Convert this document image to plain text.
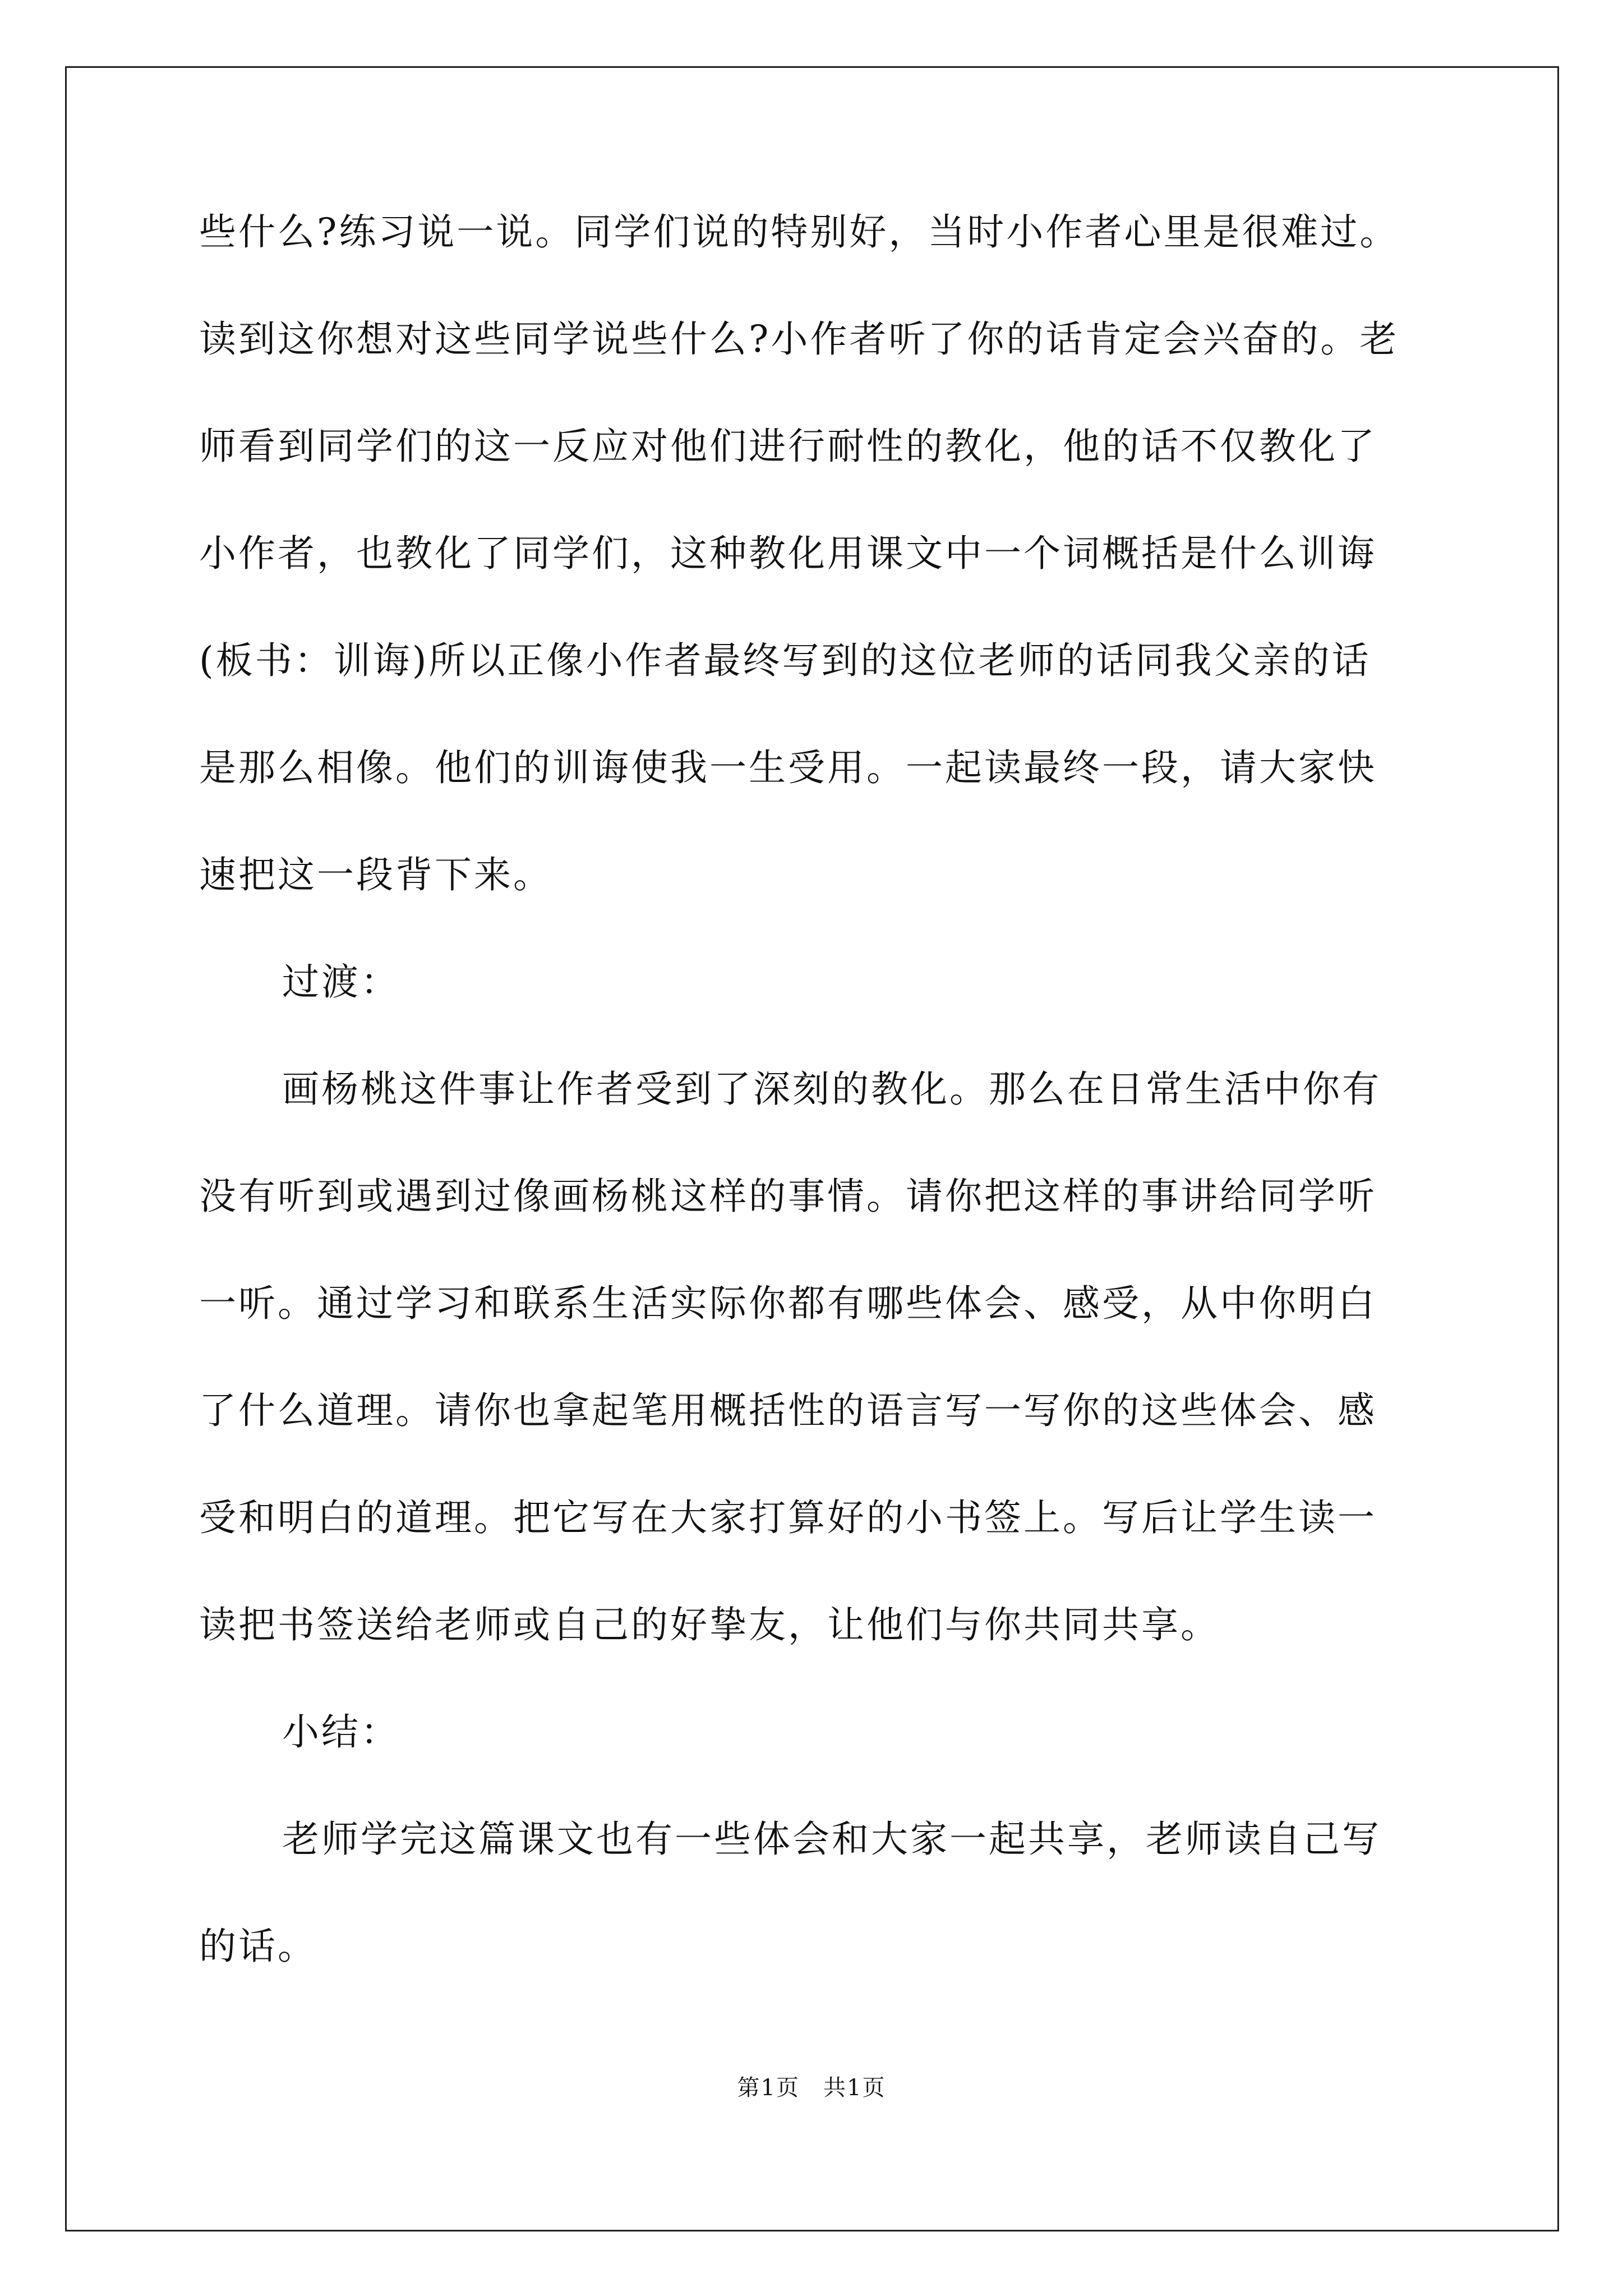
些什么?练习说一说。同学们说的特别好，当时小作者心里是很难过。
读到这你想对这些同学说些什么?小作者听了你的话肯定会兴奋的。老
师看到同学们的这一反应对他们进行耐性的教化，他的话不仅教化了
小作者，也教化了同学们，这种教化用课文中一个词概括是什么训诲
(板书：训诲)所以正像小作者最终写到的这位老师的话同我父亲的话
是那么相像。他们的训诲使我一生受用。一起读最终一段，请大家快
速把这一段背下来。
过渡：
画杨桃这件事让作者受到了深刻的教化。那么在日常生活中你有
没有听到或遇到过像画杨桃这样的事情。请你把这样的事讲给同学听
一听。通过学习和联系生活实际你都有哪些体会、感受，从中你明白
了什么道理。请你也拿起笔用概括性的语言写一写你的这些体会、感
受和明白的道理。把它写在大家打算好的小书签上。写后让学生读一
读把书签送给老师或自己的好挚友，让他们与你共同共享。
小结：
老师学完这篇课文也有一些体会和大家一起共享，老师读自己写
的话。
第1页　共1页
